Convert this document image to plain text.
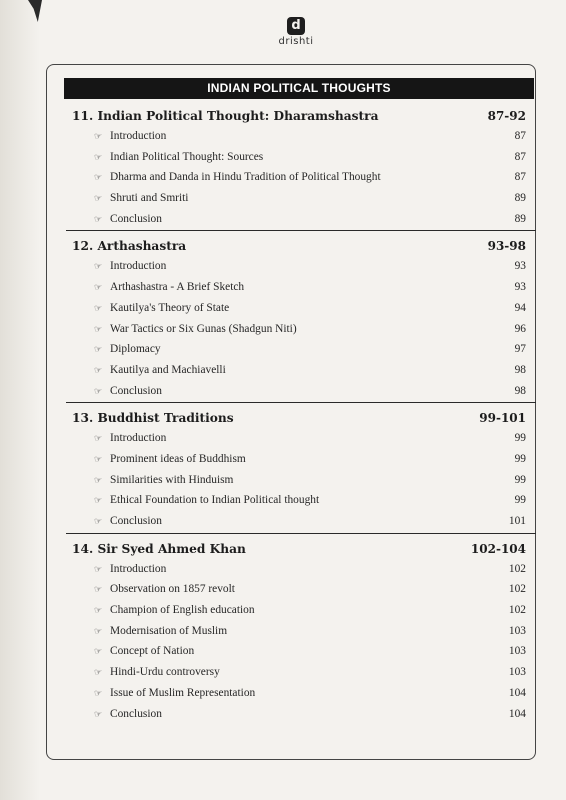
d
drishti
INDIAN POLITICAL THOUGHTS
11. Indian Political Thought: Dharamshastra	87-92
☞ Introduction	87
☞ Indian Political Thought: Sources	87
☞ Dharma and Danda in Hindu Tradition of Political Thought	87
☞ Shruti and Smriti	89
☞ Conclusion	89
12. Arthashastra	93-98
☞ Introduction	93
☞ Arthashastra - A Brief Sketch	93
☞ Kautilya's Theory of State	94
☞ War Tactics or Six Gunas (Shadgun Niti)	96
☞ Diplomacy	97
☞ Kautilya and Machiavelli	98
☞ Conclusion	98
13. Buddhist Traditions	99-101
☞ Introduction	99
☞ Prominent ideas of Buddhism	99
☞ Similarities with Hinduism	99
☞ Ethical Foundation to Indian Political thought	99
☞ Conclusion	101
14. Sir Syed Ahmed Khan	102-104
☞ Introduction	102
☞ Observation on 1857 revolt	102
☞ Champion of English education	102
☞ Modernisation of Muslim	103
☞ Concept of Nation	103
☞ Hindi-Urdu controversy	103
☞ Issue of Muslim Representation	104
☞ Conclusion	104
